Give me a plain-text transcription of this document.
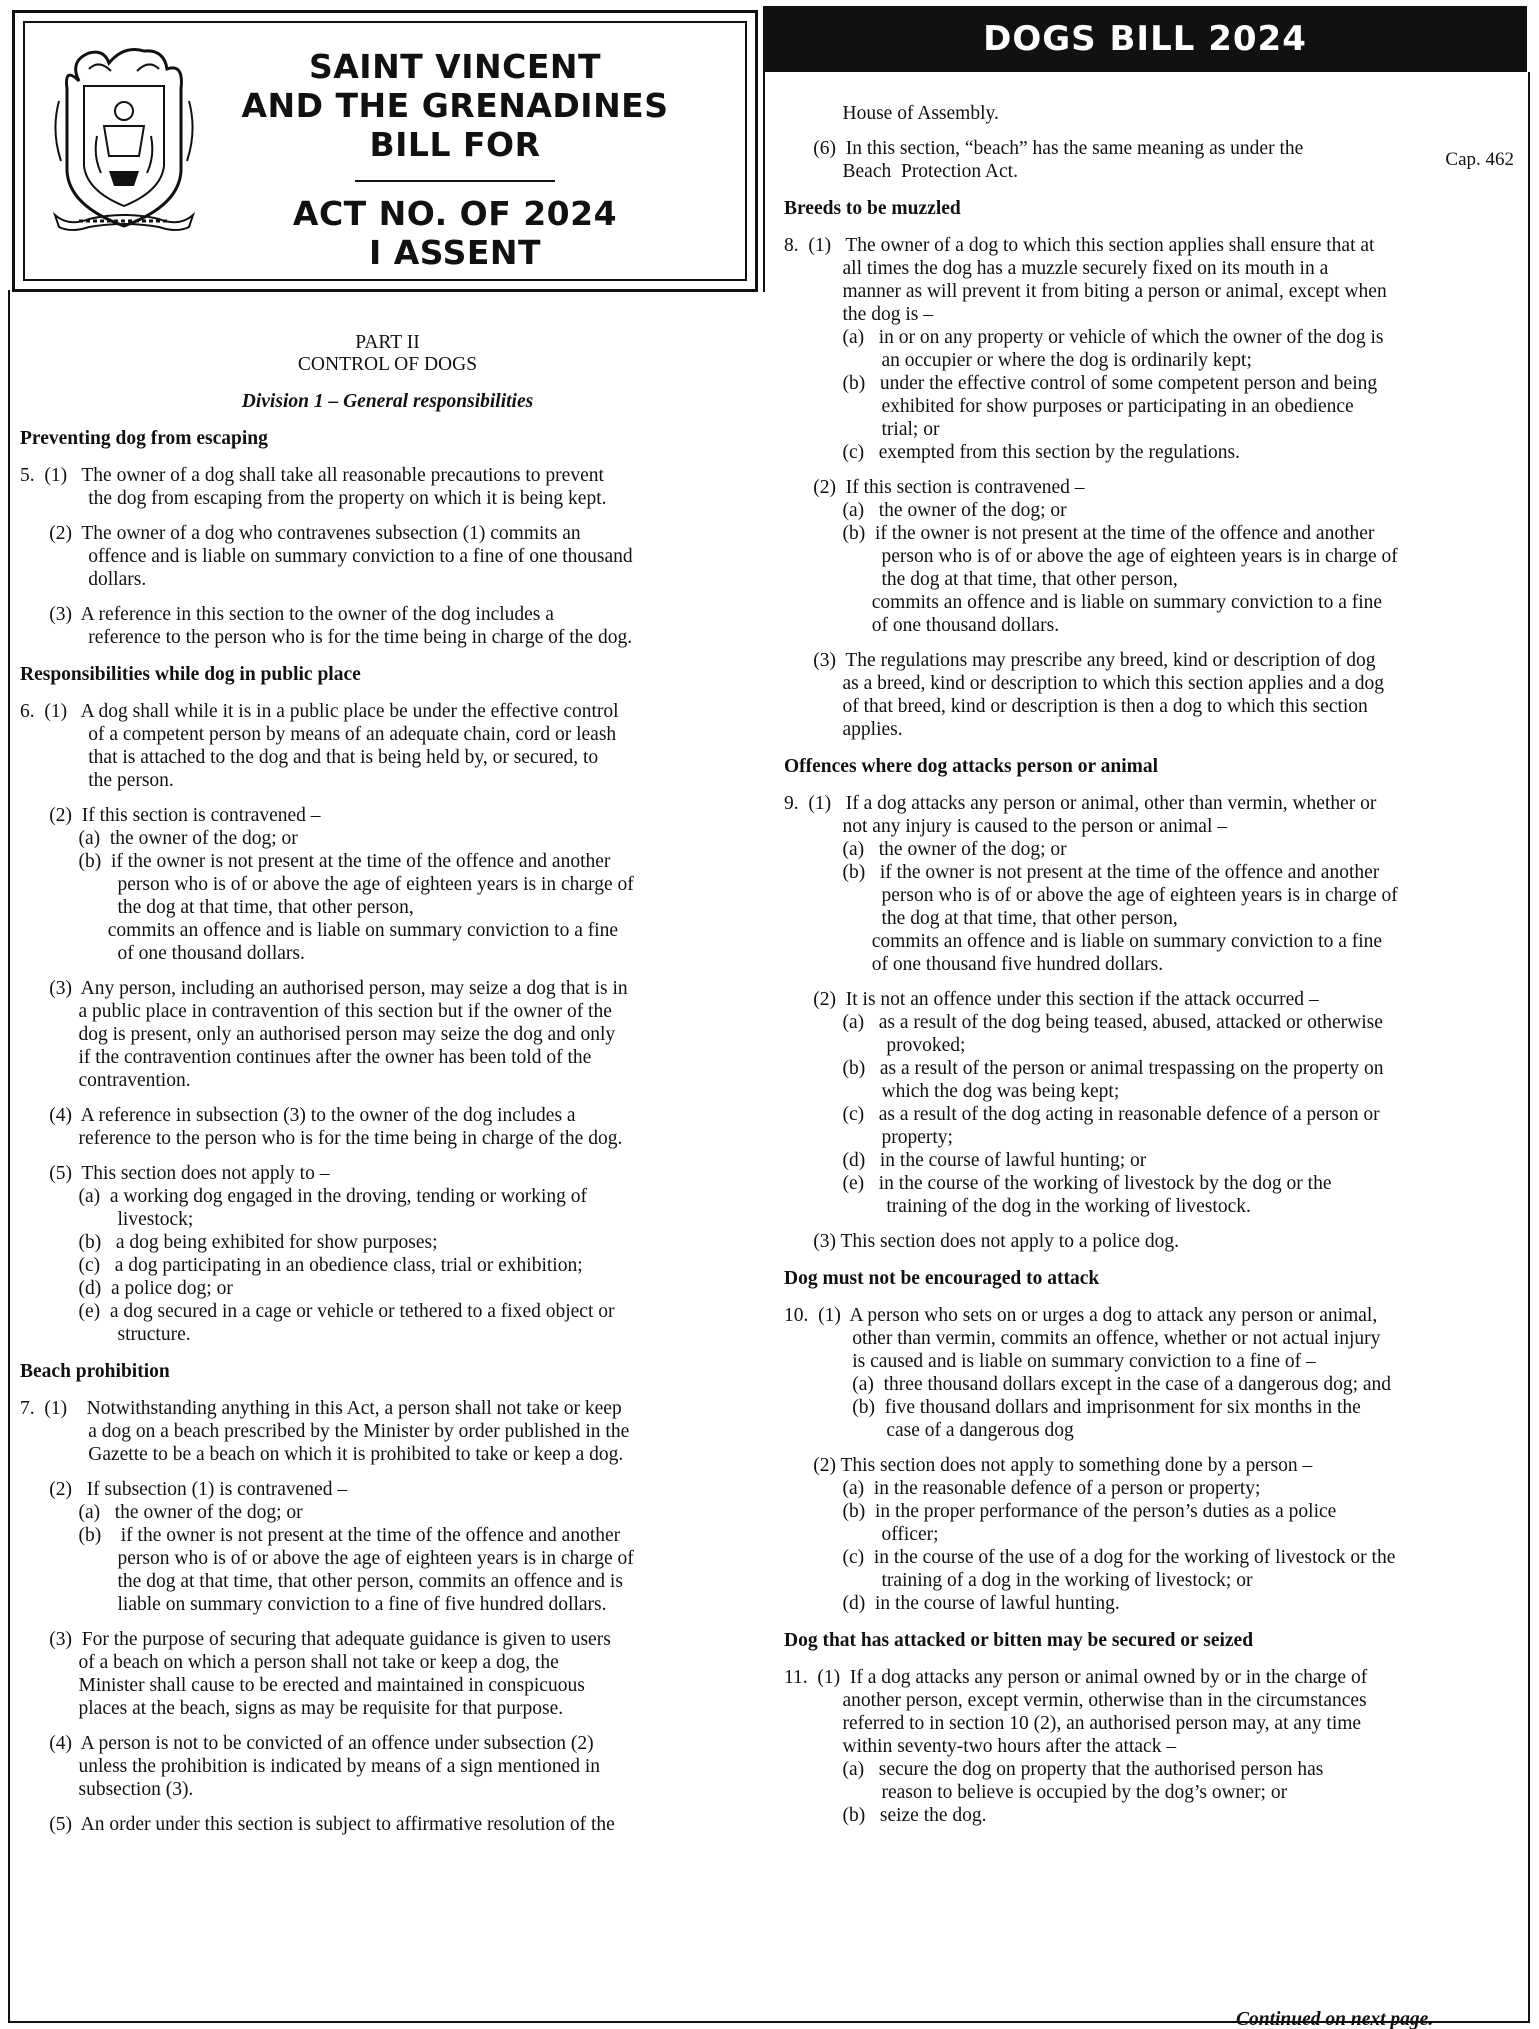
SAINT VINCENT
AND THE GRENADINES
BILL FOR
ACT NO. OF 2024
I ASSENT
DOGS BILL 2024
PART II
CONTROL OF DOGS
Division 1 – General responsibilities
Preventing dog from escaping
5.  (1)   The owner of a dog shall take all reasonable precautions to prevent
the dog from escaping from the property on which it is being kept.
(2)  The owner of a dog who contravenes subsection (1) commits an
offence and is liable on summary conviction to a fine of one thousand
dollars.
(3)  A reference in this section to the owner of the dog includes a
reference to the person who is for the time being in charge of the dog.
Responsibilities while dog in public place
6.  (1)   A dog shall while it is in a public place be under the effective control
of a competent person by means of an adequate chain, cord or leash
that is attached to the dog and that is being held by, or secured, to
the person.
(2)  If this section is contravened –
(a)  the owner of the dog; or
(b)  if the owner is not present at the time of the offence and another
person who is of or above the age of eighteen years is in charge of
the dog at that time, that other person,
commits an offence and is liable on summary conviction to a fine
of one thousand dollars.
(3)  Any person, including an authorised person, may seize a dog that is in
a public place in contravention of this section but if the owner of the
dog is present, only an authorised person may seize the dog and only
if the contravention continues after the owner has been told of the
contravention.
(4)  A reference in subsection (3) to the owner of the dog includes a
reference to the person who is for the time being in charge of the dog.
(5)  This section does not apply to –
(a)  a working dog engaged in the droving, tending or working of
livestock;
(b)   a dog being exhibited for show purposes;
(c)   a dog participating in an obedience class, trial or exhibition;
(d)  a police dog; or
(e)  a dog secured in a cage or vehicle or tethered to a fixed object or
structure.
Beach prohibition
7.  (1)    Notwithstanding anything in this Act, a person shall not take or keep
a dog on a beach prescribed by the Minister by order published in the
Gazette to be a beach on which it is prohibited to take or keep a dog.
(2)   If subsection (1) is contravened –
(a)   the owner of the dog; or
(b)    if the owner is not present at the time of the offence and another
person who is of or above the age of eighteen years is in charge of
the dog at that time, that other person, commits an offence and is
liable on summary conviction to a fine of five hundred dollars.
(3)  For the purpose of securing that adequate guidance is given to users
of a beach on which a person shall not take or keep a dog, the
Minister shall cause to be erected and maintained in conspicuous
places at the beach, signs as may be requisite for that purpose.
(4)  A person is not to be convicted of an offence under subsection (2)
unless the prohibition is indicated by means of a sign mentioned in
subsection (3).
(5)  An order under this section is subject to affirmative resolution of the
Cap. 462
House of Assembly.
(6)  In this section, “beach” has the same meaning as under the
Beach  Protection Act.
Breeds to be muzzled
8.  (1)   The owner of a dog to which this section applies shall ensure that at
all times the dog has a muzzle securely fixed on its mouth in a
manner as will prevent it from biting a person or animal, except when
the dog is –
(a)   in or on any property or vehicle of which the owner of the dog is
an occupier or where the dog is ordinarily kept;
(b)   under the effective control of some competent person and being
exhibited for show purposes or participating in an obedience
trial; or
(c)   exempted from this section by the regulations.
(2)  If this section is contravened –
(a)   the owner of the dog; or
(b)  if the owner is not present at the time of the offence and another
person who is of or above the age of eighteen years is in charge of
the dog at that time, that other person,
commits an offence and is liable on summary conviction to a fine
of one thousand dollars.
(3)  The regulations may prescribe any breed, kind or description of dog
as a breed, kind or description to which this section applies and a dog
of that breed, kind or description is then a dog to which this section
applies.
Offences where dog attacks person or animal
9.  (1)   If a dog attacks any person or animal, other than vermin, whether or
not any injury is caused to the person or animal –
(a)   the owner of the dog; or
(b)   if the owner is not present at the time of the offence and another
person who is of or above the age of eighteen years is in charge of
the dog at that time, that other person,
commits an offence and is liable on summary conviction to a fine
of one thousand five hundred dollars.
(2)  It is not an offence under this section if the attack occurred –
(a)   as a result of the dog being teased, abused, attacked or otherwise
provoked;
(b)   as a result of the person or animal trespassing on the property on
which the dog was being kept;
(c)   as a result of the dog acting in reasonable defence of a person or
property;
(d)   in the course of lawful hunting; or
(e)   in the course of the working of livestock by the dog or the
training of the dog in the working of livestock.
(3) This section does not apply to a police dog.
Dog must not be encouraged to attack
10.  (1)  A person who sets on or urges a dog to attack any person or animal,
other than vermin, commits an offence, whether or not actual injury
is caused and is liable on summary conviction to a fine of –
(a)  three thousand dollars except in the case of a dangerous dog; and
(b)  five thousand dollars and imprisonment for six months in the
case of a dangerous dog
(2) This section does not apply to something done by a person –
(a)  in the reasonable defence of a person or property;
(b)  in the proper performance of the person’s duties as a police
officer;
(c)  in the course of the use of a dog for the working of livestock or the
training of a dog in the working of livestock; or
(d)  in the course of lawful hunting.
Dog that has attacked or bitten may be secured or seized
11.  (1)  If a dog attacks any person or animal owned by or in the charge of
another person, except vermin, otherwise than in the circumstances
referred to in section 10 (2), an authorised person may, at any time
within seventy-two hours after the attack –
(a)   secure the dog on property that the authorised person has
reason to believe is occupied by the dog’s owner; or
(b)   seize the dog.
Continued on next page.
